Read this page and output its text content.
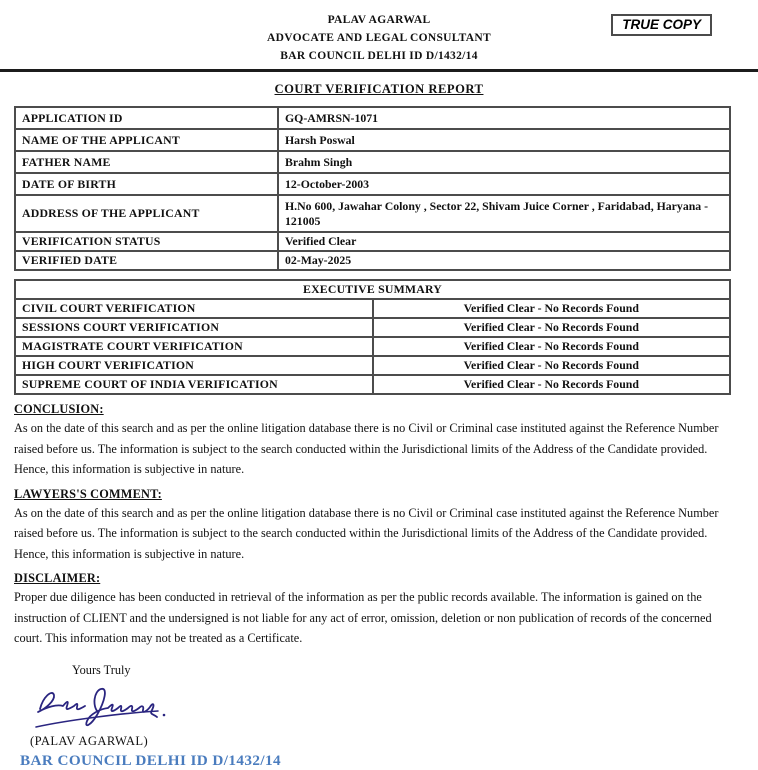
PALAV AGARWAL
ADVOCATE AND LEGAL CONSULTANT
BAR COUNCIL DELHI ID D/1432/14
TRUE COPY
COURT VERIFICATION REPORT
APPLICATION ID	GQ-AMRSN-1071
NAME OF THE APPLICANT	Harsh Poswal
FATHER NAME	Brahm Singh
DATE OF BIRTH	12-October-2003
ADDRESS OF THE APPLICANT	H.No 600, Jawahar Colony , Sector 22, Shivam Juice Corner , Faridabad, Haryana - 121005
VERIFICATION STATUS	Verified Clear
VERIFIED DATE	02-May-2025
EXECUTIVE SUMMARY	
CIVIL COURT VERIFICATION	Verified Clear - No Records Found
SESSIONS COURT VERIFICATION	Verified Clear - No Records Found
MAGISTRATE COURT VERIFICATION	Verified Clear - No Records Found
HIGH COURT VERIFICATION	Verified Clear - No Records Found
SUPREME COURT OF INDIA VERIFICATION	Verified Clear - No Records Found
CONCLUSION:
As on the date of this search and as per the online litigation database there is no Civil or Criminal case instituted against the Reference Number raised before us. The information is subject to the search conducted within the Jurisdictional limits of the Address of the Candidate provided. Hence, this information is subjective in nature.
LAWYERS'S COMMENT:
As on the date of this search and as per the online litigation database there is no Civil or Criminal case instituted against the Reference Number raised before us. The information is subject to the search conducted within the Jurisdictional limits of the Address of the Candidate provided. Hence, this information is subjective in nature.
DISCLAIMER:
Proper due diligence has been conducted in retrieval of the information as per the public records available. The information is gained on the instruction of CLIENT and the undersigned is not liable for any act of error, omission, deletion or non publication of records of the concerned court. This information may not be treated as a Certificate.
Yours Truly
(PALAV AGARWAL)
BAR COUNCIL DELHI ID D/1432/14
